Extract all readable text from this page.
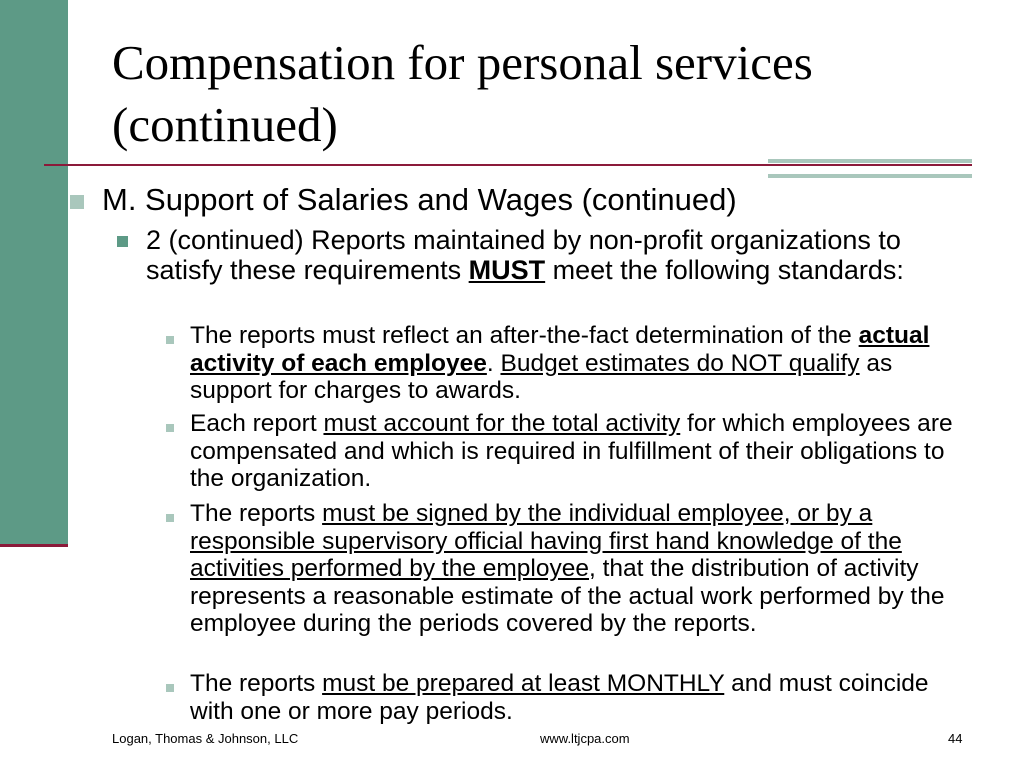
Compensation for personal services (continued)
M. Support of Salaries and Wages (continued)
2 (continued) Reports maintained by non-profit organizations to satisfy these requirements MUST meet the following standards:
The reports must reflect an after-the-fact determination of the actual activity of each employee. Budget estimates do NOT qualify as support for charges to awards.
Each report must account for the total activity for which employees are compensated and which is required in fulfillment of their obligations to the organization.
The reports must be signed by the individual employee, or by a responsible supervisory official having first hand knowledge of the activities performed by the employee, that the distribution of activity represents a reasonable estimate of the actual work performed by the employee during the periods covered by the reports.
The reports must be prepared at least MONTHLY and must coincide with one or more pay periods.
Logan, Thomas & Johnson, LLC	www.ltjcpa.com	44
